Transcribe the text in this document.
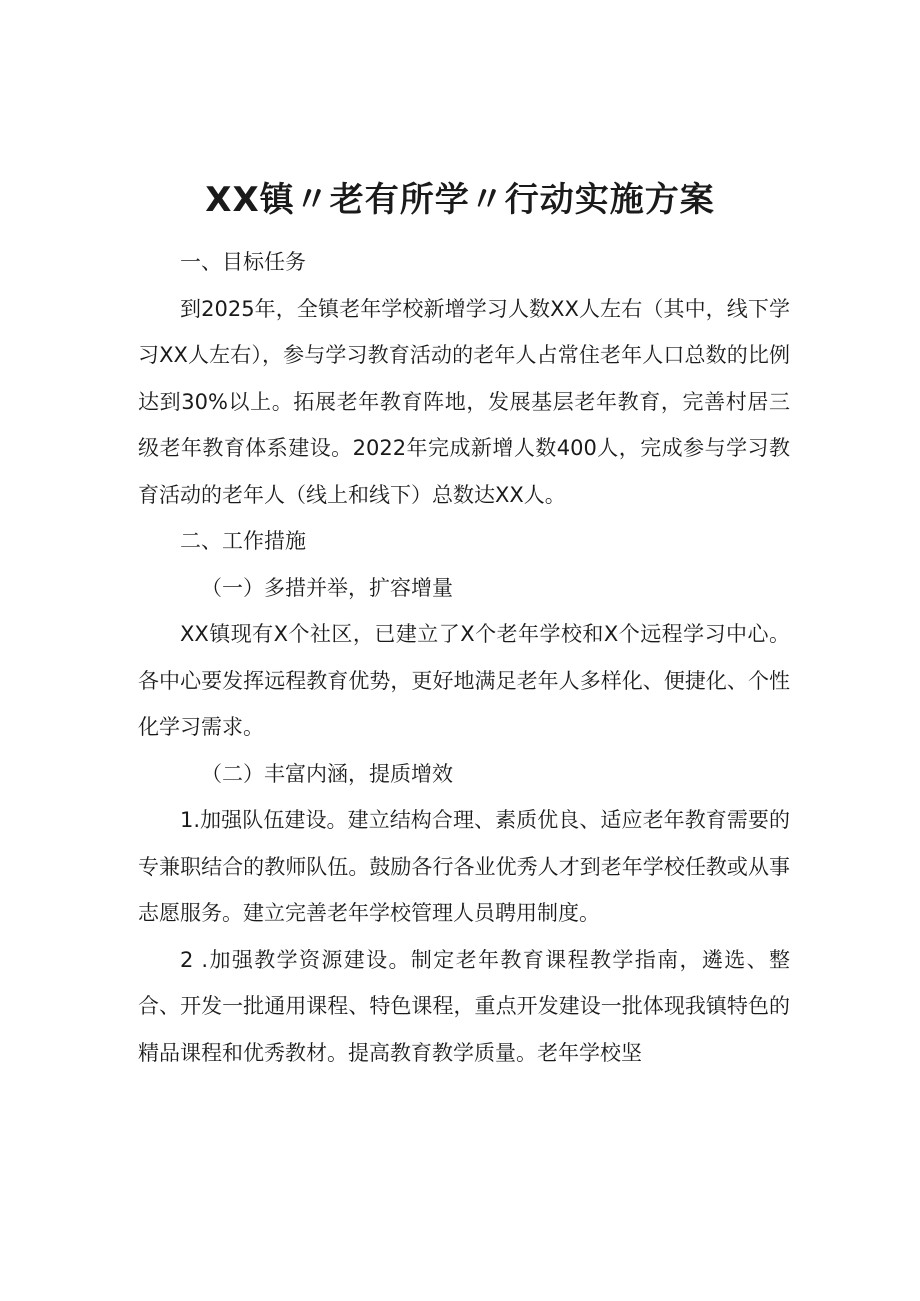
XX镇〃老有所学〃行动实施方案

一、目标任务

到2025年，全镇老年学校新增学习人数XX人左右（其中，线下学习XX人左右），参与学习教育活动的老年人占常住老年人口总数的比例达到30%以上。拓展老年教育阵地，发展基层老年教育，完善村居三级老年教育体系建设。2022年完成新增人数400人，完成参与学习教育活动的老年人（线上和线下）总数达XX人。

二、工作措施

（一）多措并举，扩容增量

XX镇现有X个社区，已建立了X个老年学校和X个远程学习中心。各中心要发挥远程教育优势，更好地满足老年人多样化、便捷化、个性化学习需求。

（二）丰富内涵，提质增效

1.加强队伍建设。建立结构合理、素质优良、适应老年教育需要的专兼职结合的教师队伍。鼓励各行各业优秀人才到老年学校任教或从事志愿服务。建立完善老年学校管理人员聘用制度。

2 .加强教学资源建设。制定老年教育课程教学指南，遴选、整合、开发一批通用课程、特色课程，重点开发建设一批体现我镇特色的精品课程和优秀教材。提高教育教学质量。老年学校坚
